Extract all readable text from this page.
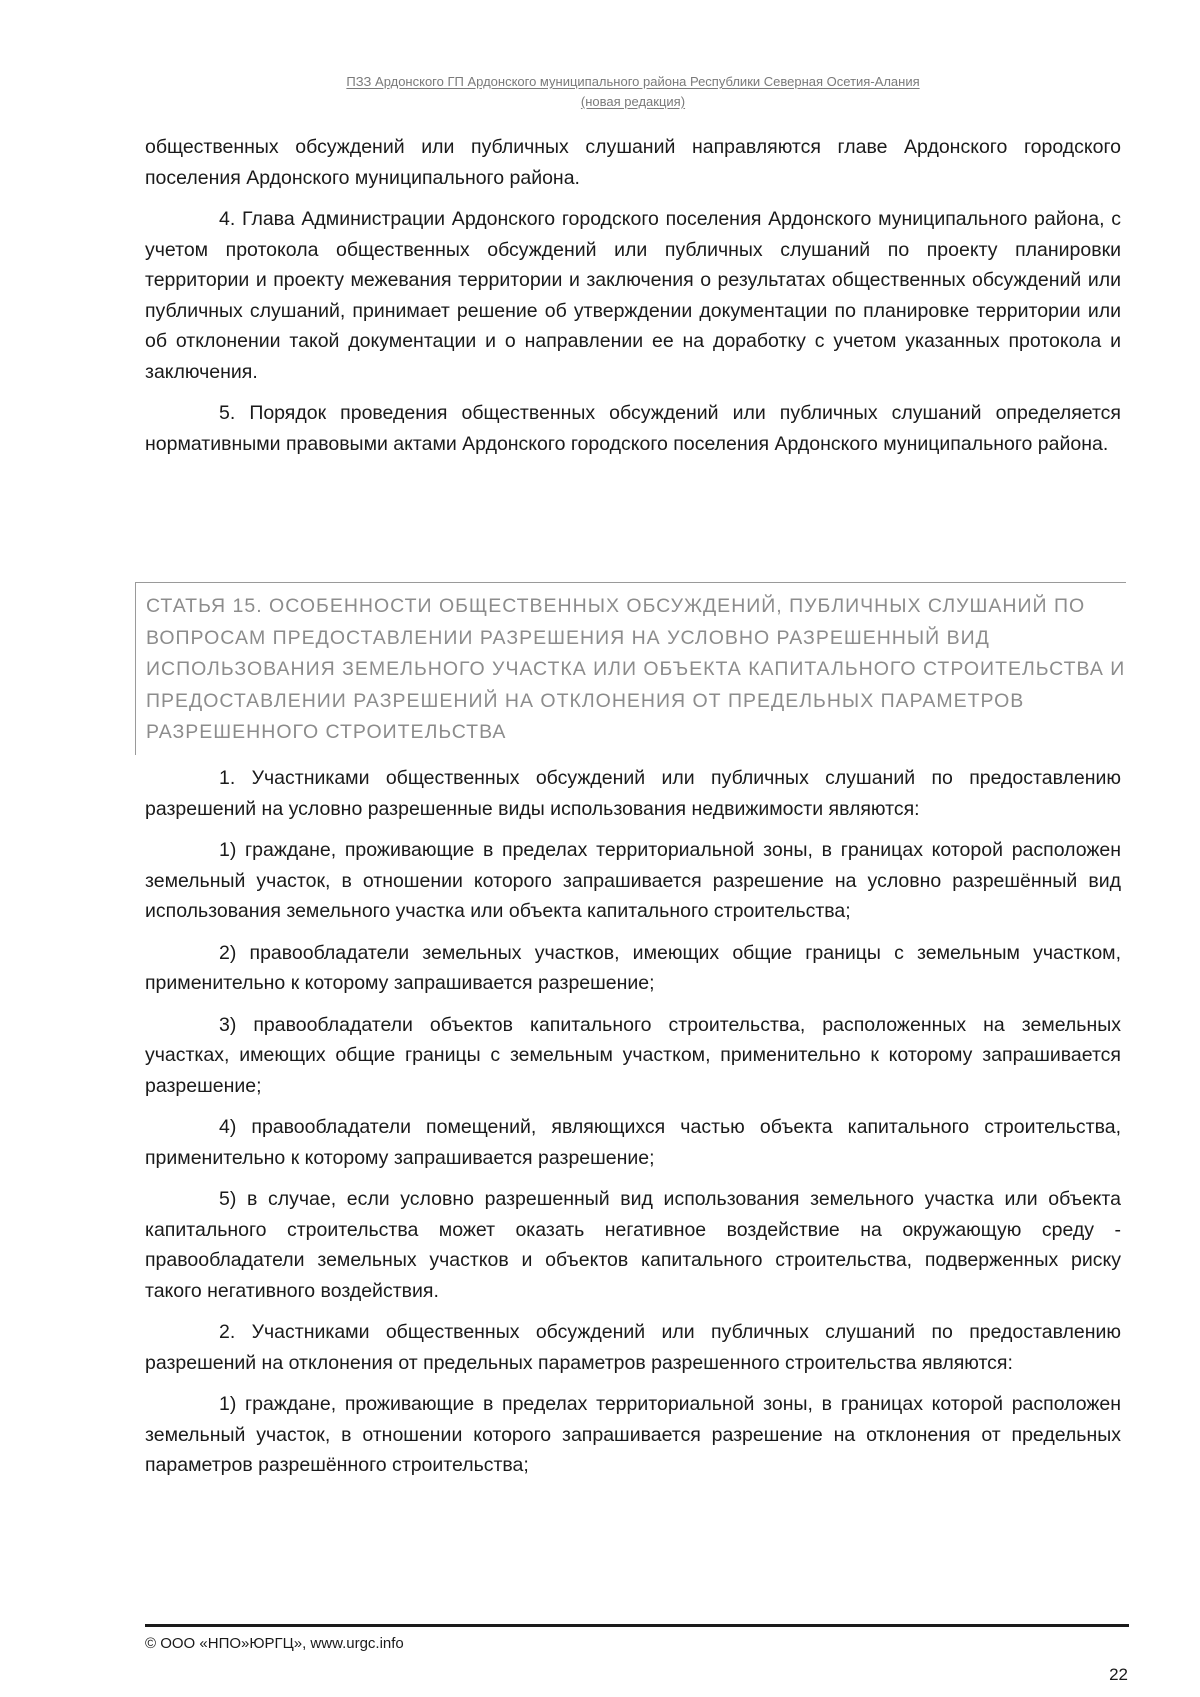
ПЗЗ Ардонского ГП Ардонского муниципального района Республики Северная Осетия-Алания
(новая редакция)

общественных обсуждений или публичных слушаний направляются главе Ардонского городского поселения Ардонского муниципального района.

4. Глава Администрации Ардонского городского поселения Ардонского муниципального района, с учетом протокола общественных обсуждений или публичных слушаний по проекту планировки территории и проекту межевания территории и заключения о результатах общественных обсуждений или публичных слушаний, принимает решение об утверждении документации по планировке территории или об отклонении такой документации и о направлении ее на доработку с учетом указанных протокола и заключения.

5. Порядок проведения общественных обсуждений или публичных слушаний определяется нормативными правовыми актами Ардонского городского поселения Ардонского муниципального района.

СТАТЬЯ 15. ОСОБЕННОСТИ ОБЩЕСТВЕННЫХ ОБСУЖДЕНИЙ, ПУБЛИЧНЫХ СЛУШАНИЙ ПО ВОПРОСАМ ПРЕДОСТАВЛЕНИИ РАЗРЕШЕНИЯ НА УСЛОВНО РАЗРЕШЕННЫЙ ВИД ИСПОЛЬЗОВАНИЯ ЗЕМЕЛЬНОГО УЧАСТКА ИЛИ ОБЪЕКТА КАПИТАЛЬНОГО СТРОИТЕЛЬСТВА И ПРЕДОСТАВЛЕНИИ РАЗРЕШЕНИЙ НА ОТКЛОНЕНИЯ ОТ ПРЕДЕЛЬНЫХ ПАРАМЕТРОВ РАЗРЕШЕННОГО СТРОИТЕЛЬСТВА

1. Участниками общественных обсуждений или публичных слушаний по предоставлению разрешений на условно разрешенные виды использования недвижимости являются:

1) граждане, проживающие в пределах территориальной зоны, в границах которой расположен земельный участок, в отношении которого запрашивается разрешение на условно разрешённый вид использования земельного участка или объекта капитального строительства;

2) правообладатели земельных участков, имеющих общие границы с земельным участком, применительно к которому запрашивается разрешение;

3) правообладатели объектов капитального строительства, расположенных на земельных участках, имеющих общие границы с земельным участком, применительно к которому запрашивается разрешение;

4) правообладатели помещений, являющихся частью объекта капитального строительства, применительно к которому запрашивается разрешение;

5) в случае, если условно разрешенный вид использования земельного участка или объекта капитального строительства может оказать негативное воздействие на окружающую среду - правообладатели земельных участков и объектов капитального строительства, подверженных риску такого негативного воздействия.

2. Участниками общественных обсуждений или публичных слушаний по предоставлению разрешений на отклонения от предельных параметров разрешенного строительства являются:

1) граждане, проживающие в пределах территориальной зоны, в границах которой расположен земельный участок, в отношении которого запрашивается разрешение на отклонения от предельных параметров разрешённого строительства;

© ООО «НПО»ЮРГЦ», www.urgc.info
22
